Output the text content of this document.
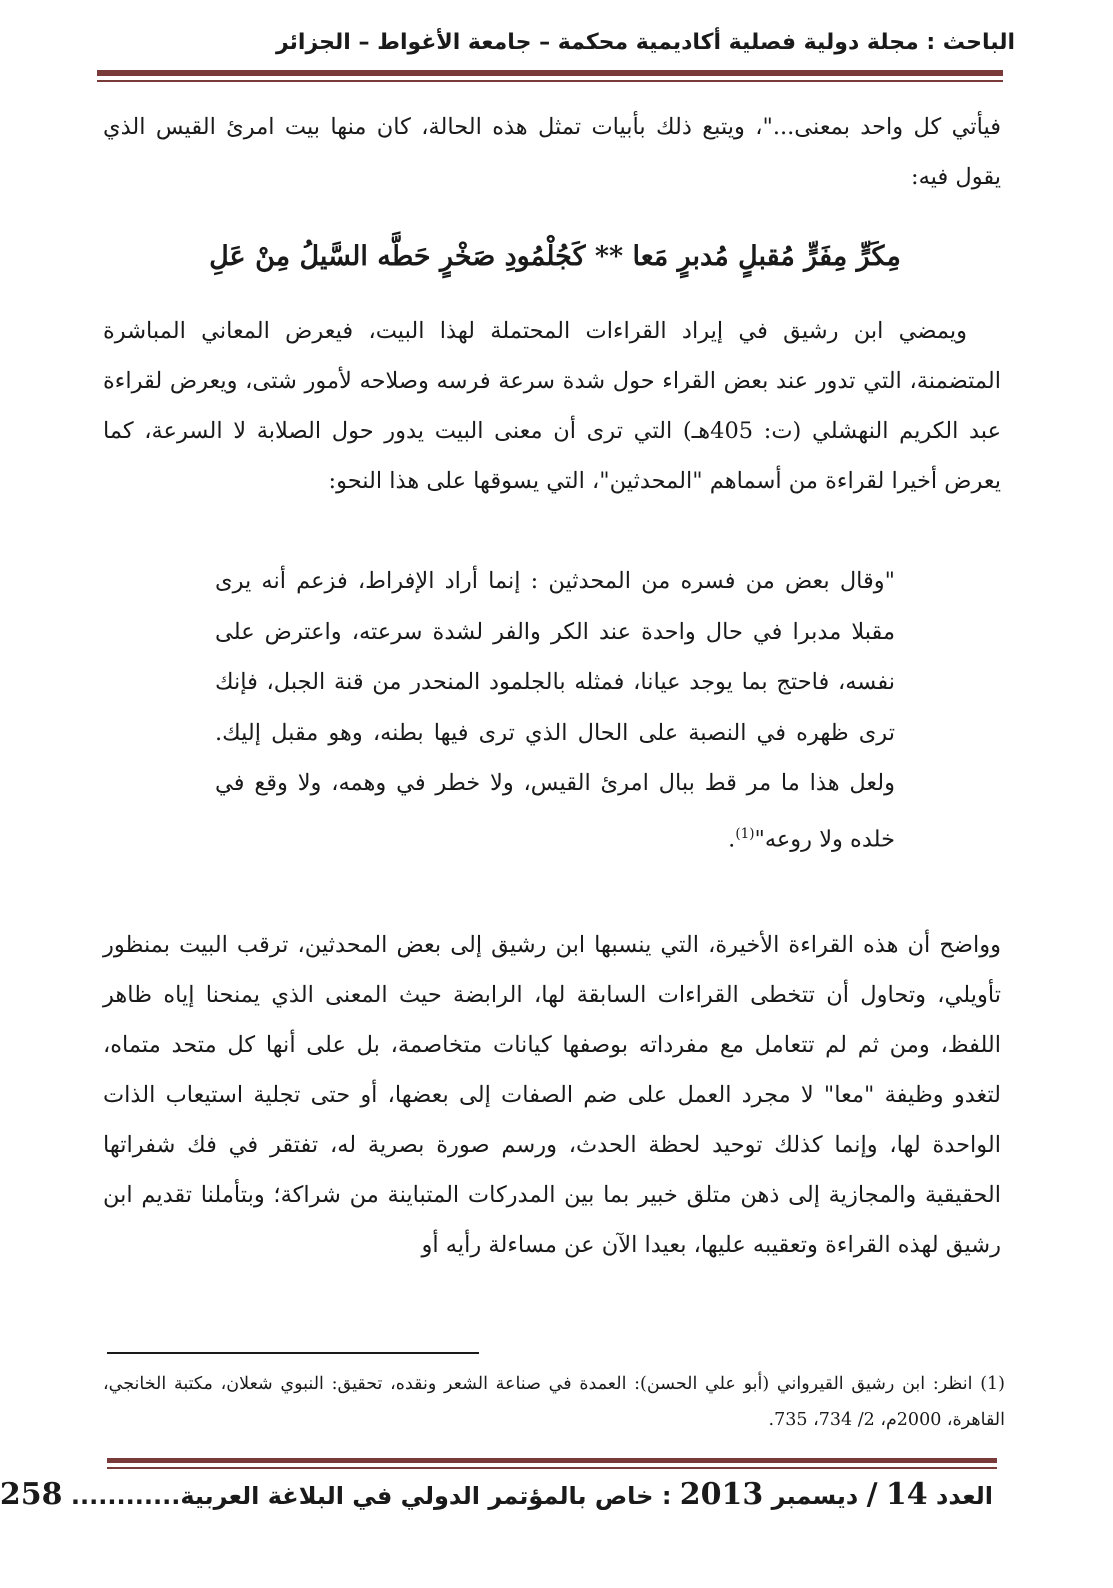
الباحث : مجلة دولية فصلية أكاديمية محكمة – جامعة الأغواط – الجزائر

فيأتي كل واحد بمعنى..."، ويتبع ذلك بأبيات تمثل هذه الحالة، كان منها بيت امرئ القيس الذي يقول فيه:

مِكَرٍّ مِفَرٍّ مُقبلٍ مُدبرٍ مَعا ** كَجُلْمُودِ صَخْرٍ حَطَّه السَّيلُ مِنْ عَلِ

ويمضي ابن رشيق في إيراد القراءات المحتملة لهذا البيت، فيعرض المعاني المباشرة المتضمنة، التي تدور عند بعض القراء حول شدة سرعة فرسه وصلاحه لأمور شتى، ويعرض لقراءة عبد الكريم النهشلي (ت: 405هـ) التي ترى أن معنى البيت يدور حول الصلابة لا السرعة، كما يعرض أخيرا لقراءة من أسماهم "المحدثين"، التي يسوقها على هذا النحو:

"وقال بعض من فسره من المحدثين : إنما أراد الإفراط، فزعم أنه يرى مقبلا مدبرا في حال واحدة عند الكر والفر لشدة سرعته، واعترض على نفسه، فاحتج بما يوجد عيانا، فمثله بالجلمود المنحدر من قنة الجبل، فإنك ترى ظهره في النصبة على الحال الذي ترى فيها بطنه، وهو مقبل إليك. ولعل هذا ما مر قط ببال امرئ القيس، ولا خطر في وهمه، ولا وقع في خلده ولا روعه"$^{(1)}$.

وواضح أن هذه القراءة الأخيرة، التي ينسبها ابن رشيق إلى بعض المحدثين، ترقب البيت بمنظور تأويلي، وتحاول أن تتخطى القراءات السابقة لها، الرابضة حيث المعنى الذي يمنحنا إياه ظاهر اللفظ، ومن ثم لم تتعامل مع مفرداته بوصفها كيانات متخاصمة، بل على أنها كل متحد متماه، لتغدو وظيفة "معا" لا مجرد العمل على ضم الصفات إلى بعضها، أو حتى تجلية استيعاب الذات الواحدة لها، وإنما كذلك توحيد لحظة الحدث، ورسم صورة بصرية له، تفتقر في فك شفراتها الحقيقية والمجازية إلى ذهن متلق خبير بما بين المدركات المتباينة من شراكة؛ وبتأملنا تقديم ابن رشيق لهذه القراءة وتعقيبه عليها، بعيدا الآن عن مساءلة رأيه أو

(1) انظر: ابن رشيق القيرواني (أبو علي الحسن): العمدة في صناعة الشعر ونقده، تحقيق: النبوي شعلان، مكتبة الخانجي، القاهرة، 2000م، 2/ 734، 735.

العدد 14 / ديسمبر 2013 : خاص بالمؤتمر الدولي في البلاغة العربية............ 258
